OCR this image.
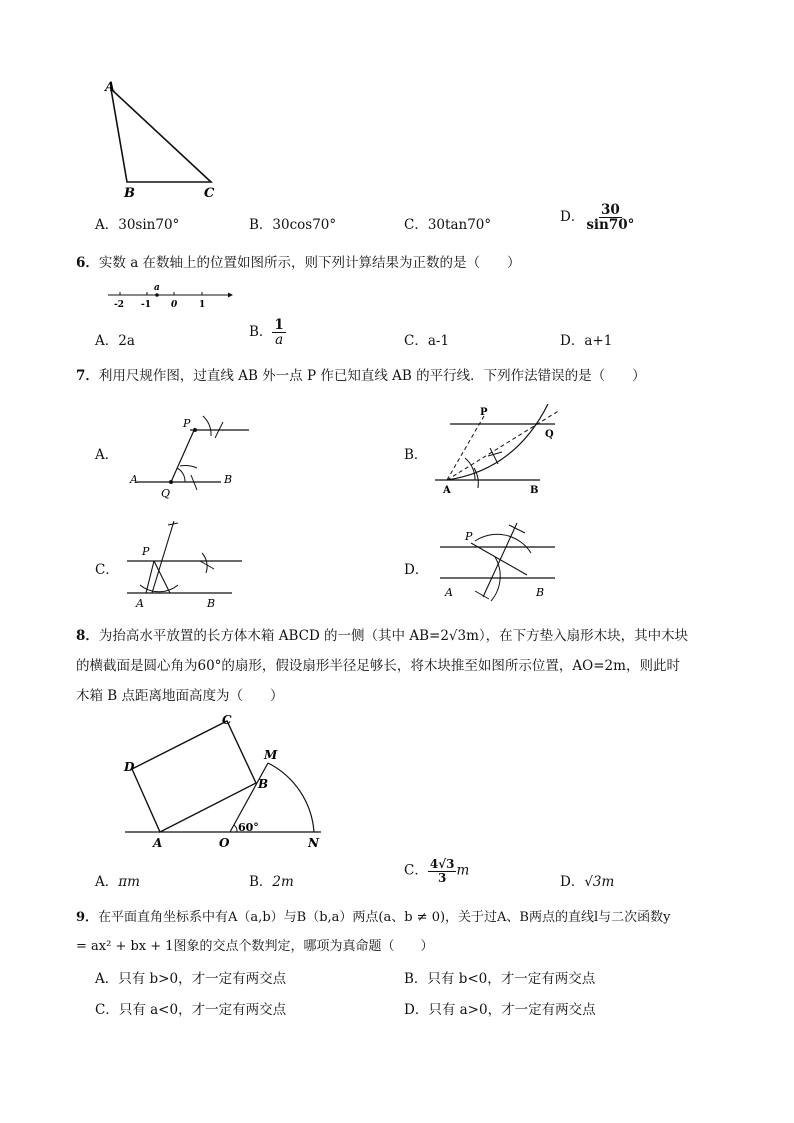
A
B	C
A．30sin70°	B．30cos70°	C．30tan70°	D． $\frac{30}{\sin 70^\circ}$
6．实数 a 在数轴上的位置如图所示，则下列计算结果为正数的是（　　）
a
-2 -1 0 1
A．2a
B． $\frac{1}{a}$	C．a-1	D．a+1
7．利用尺规作图，过直线 AB 外一点 P 作已知直线 AB 的平行线．下列作法错误的是（　　）
A．
P
Q
A	B
B．
P
Q
A	B
C．
P
A	B
D．
P
A	B
8．为抬高水平放置的长方体木箱 ABCD 的一侧（其中 AB=2√3m），在下方垫入扇形木块，其中木块
的横截面是圆心角为60°的扇形，假设扇形半径足够长，将木块推至如图所示位置，AO=2m，则此时
木箱 B 点距离地面高度为（　　）
C
D
M
B
A	O	N
60°
A．πm	B．2m
C． $\frac{4√3}{3}$ m
D．√3m
9．在平面直角坐标系中有A（a,b）与B（b,a）两点(a、b ≠ 0)，关于过A、B两点的直线l与二次函数y
= ax² + bx + 1图象的交点个数判定，哪项为真命题（　　）
A．只有 b>0，才一定有两交点	B．只有 b<0，才一定有两交点
C．只有 a<0，才一定有两交点	D．只有 a>0，才一定有两交点
